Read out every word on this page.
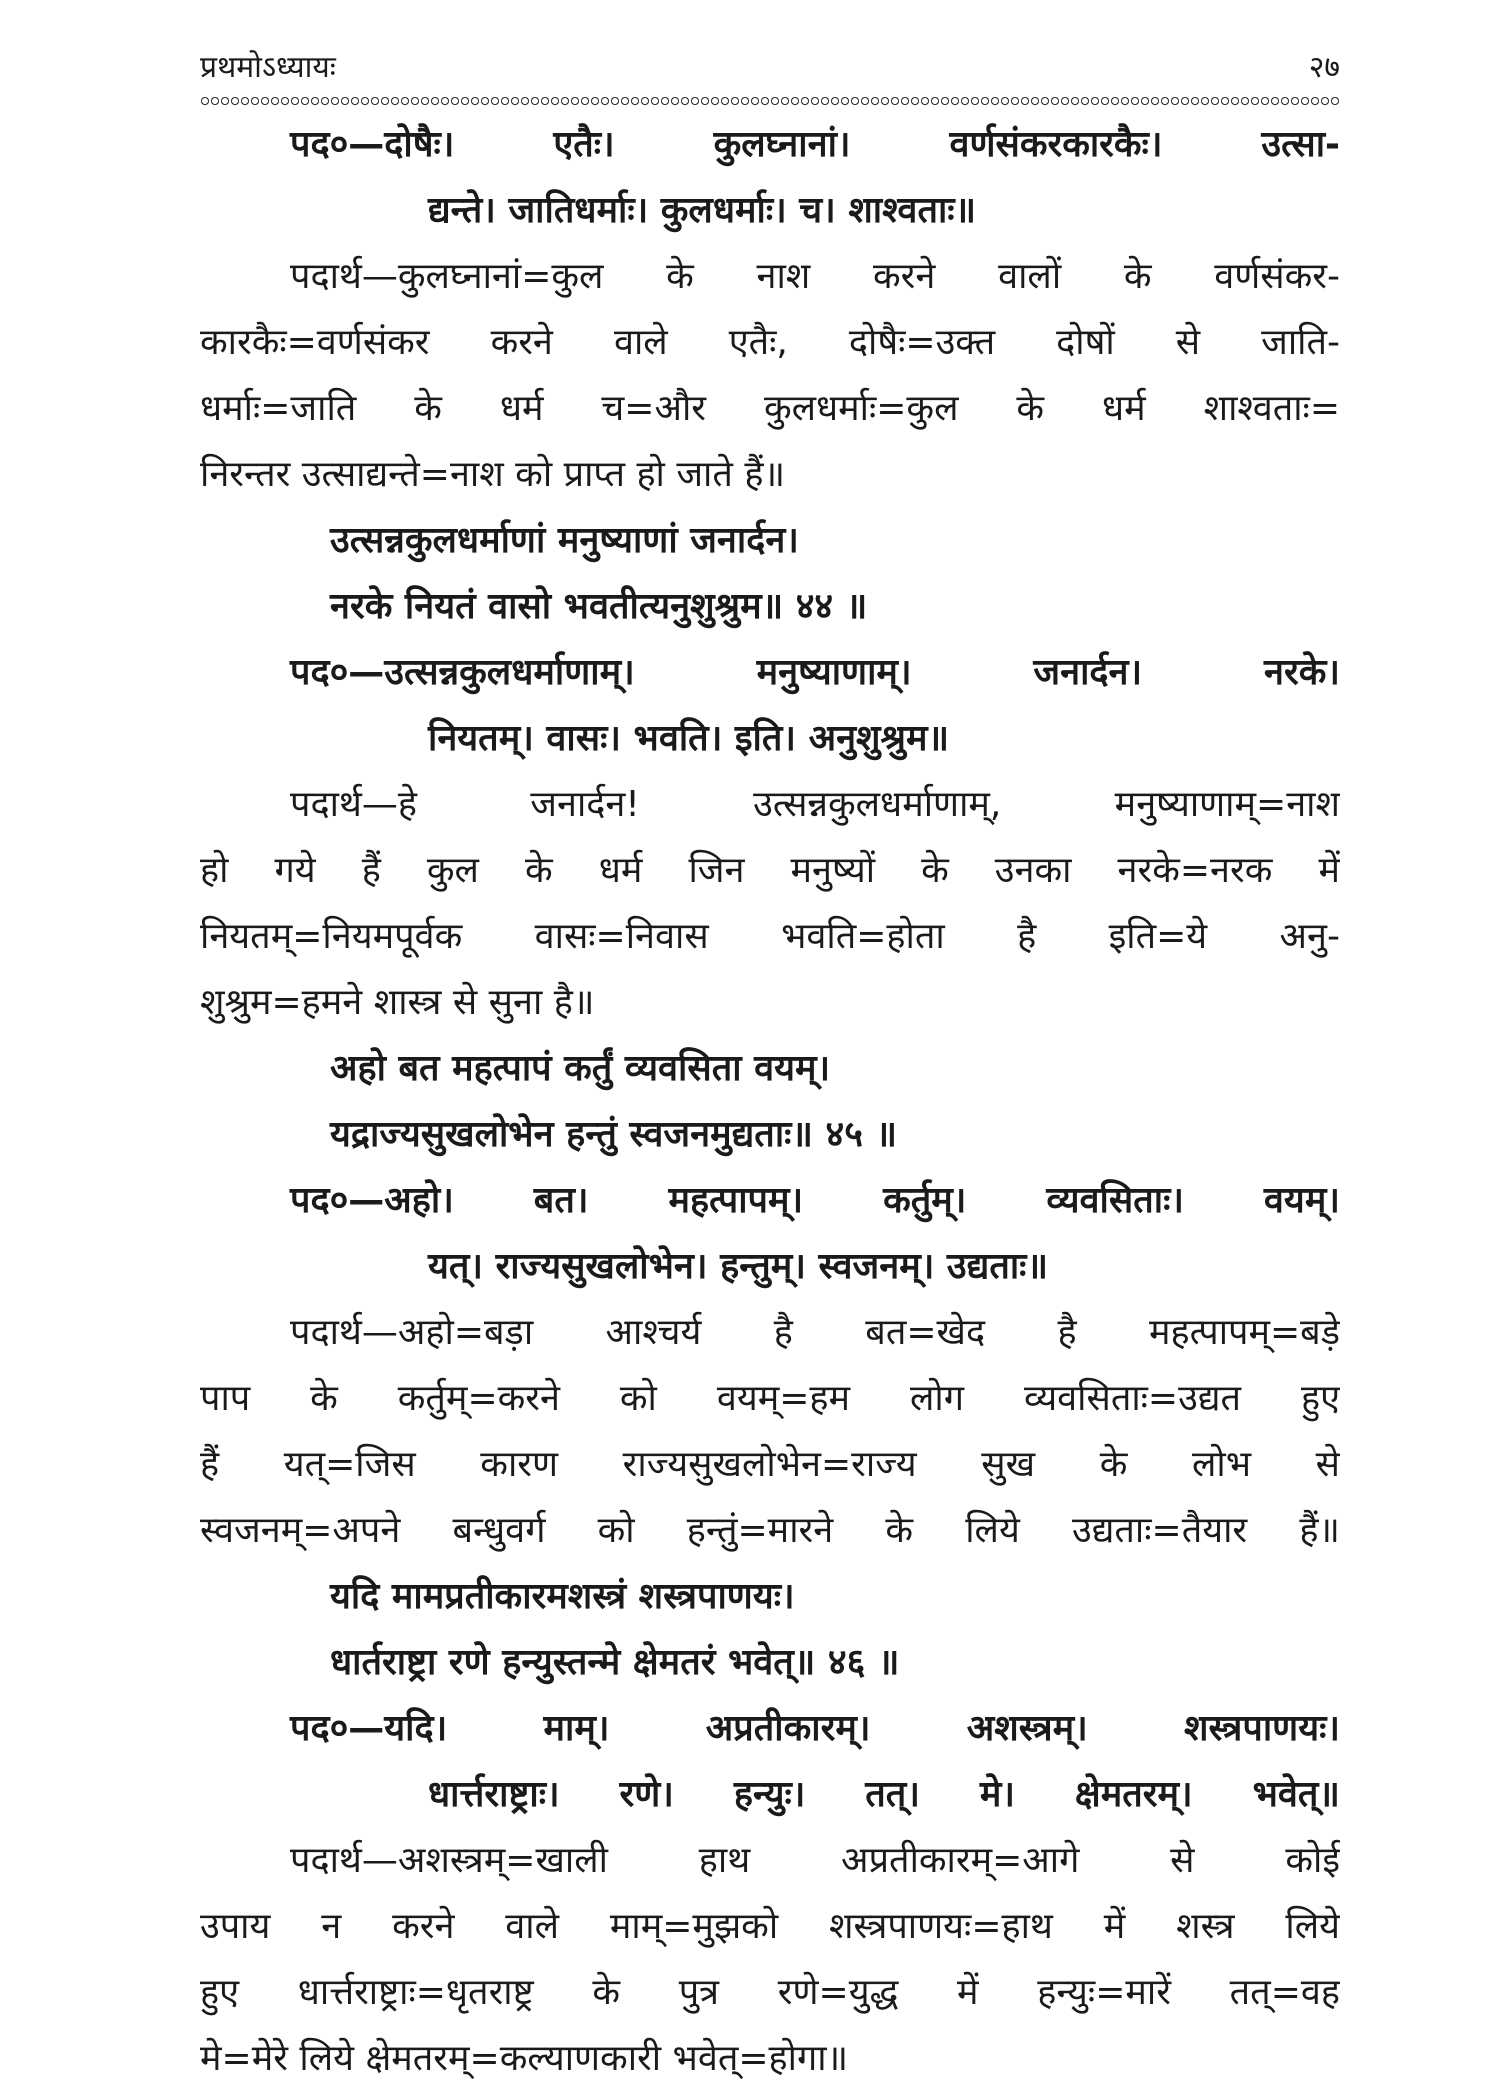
प्रथमोऽध्यायः	२७
पद०—दोषैः। एतैः। कुलघ्नानां। वर्णसंकरकारकैः। उत्सा-
द्यन्ते। जातिधर्माः। कुलधर्माः। च। शाश्वताः॥
पदार्थ—कुलघ्नानां=कुल के नाश करने वालों के वर्णसंकर-
कारकैः=वर्णसंकर करने वाले एतैः, दोषैः=उक्त दोषों से जाति-
धर्माः=जाति के धर्म च=और कुलधर्माः=कुल के धर्म शाश्वताः=
निरन्तर उत्साद्यन्ते=नाश को प्राप्त हो जाते हैं॥
उत्सन्नकुलधर्माणां मनुष्याणां जनार्दन।
नरके नियतं वासो भवतीत्यनुशुश्रुम॥ ४४ ॥
पद०—उत्सन्नकुलधर्माणाम्। मनुष्याणाम्। जनार्दन। नरके।
नियतम्। वासः। भवति। इति। अनुशुश्रुम॥
पदार्थ—हे जनार्दन! उत्सन्नकुलधर्माणाम्, मनुष्याणाम्=नाश
हो गये हैं कुल के धर्म जिन मनुष्यों के उनका नरके=नरक में
नियतम्=नियमपूर्वक वासः=निवास भवति=होता है इति=ये अनु-
शुश्रुम=हमने शास्त्र से सुना है॥
अहो बत महत्पापं कर्तुं व्यवसिता वयम्।
यद्राज्यसुखलोभेन हन्तुं स्वजनमुद्यताः॥ ४५ ॥
पद०—अहो। बत। महत्पापम्। कर्तुम्। व्यवसिताः। वयम्।
यत्। राज्यसुखलोभेन। हन्तुम्। स्वजनम्। उद्यताः॥
पदार्थ—अहो=बड़ा आश्चर्य है बत=खेद है महत्पापम्=बड़े
पाप के कर्तुम्=करने को वयम्=हम लोग व्यवसिताः=उद्यत हुए
हैं यत्=जिस कारण राज्यसुखलोभेन=राज्य सुख के लोभ से
स्वजनम्=अपने बन्धुवर्ग को हन्तुं=मारने के लिये उद्यताः=तैयार हैं॥
यदि मामप्रतीकारमशस्त्रं शस्त्रपाणयः।
धार्तराष्ट्रा रणे हन्युस्तन्मे क्षेमतरं भवेत्॥ ४६ ॥
पद०—यदि। माम्। अप्रतीकारम्। अशस्त्रम्। शस्त्रपाणयः।
धार्त्तराष्ट्राः। रणे। हन्युः। तत्। मे। क्षेमतरम्। भवेत्॥
पदार्थ—अशस्त्रम्=खाली हाथ अप्रतीकारम्=आगे से कोई
उपाय न करने वाले माम्=मुझको शस्त्रपाणयः=हाथ में शस्त्र लिये
हुए धार्त्तराष्ट्राः=धृतराष्ट्र के पुत्र रणे=युद्ध में हन्युः=मारें तत्=वह
मे=मेरे लिये क्षेमतरम्=कल्याणकारी भवेत्=होगा॥
